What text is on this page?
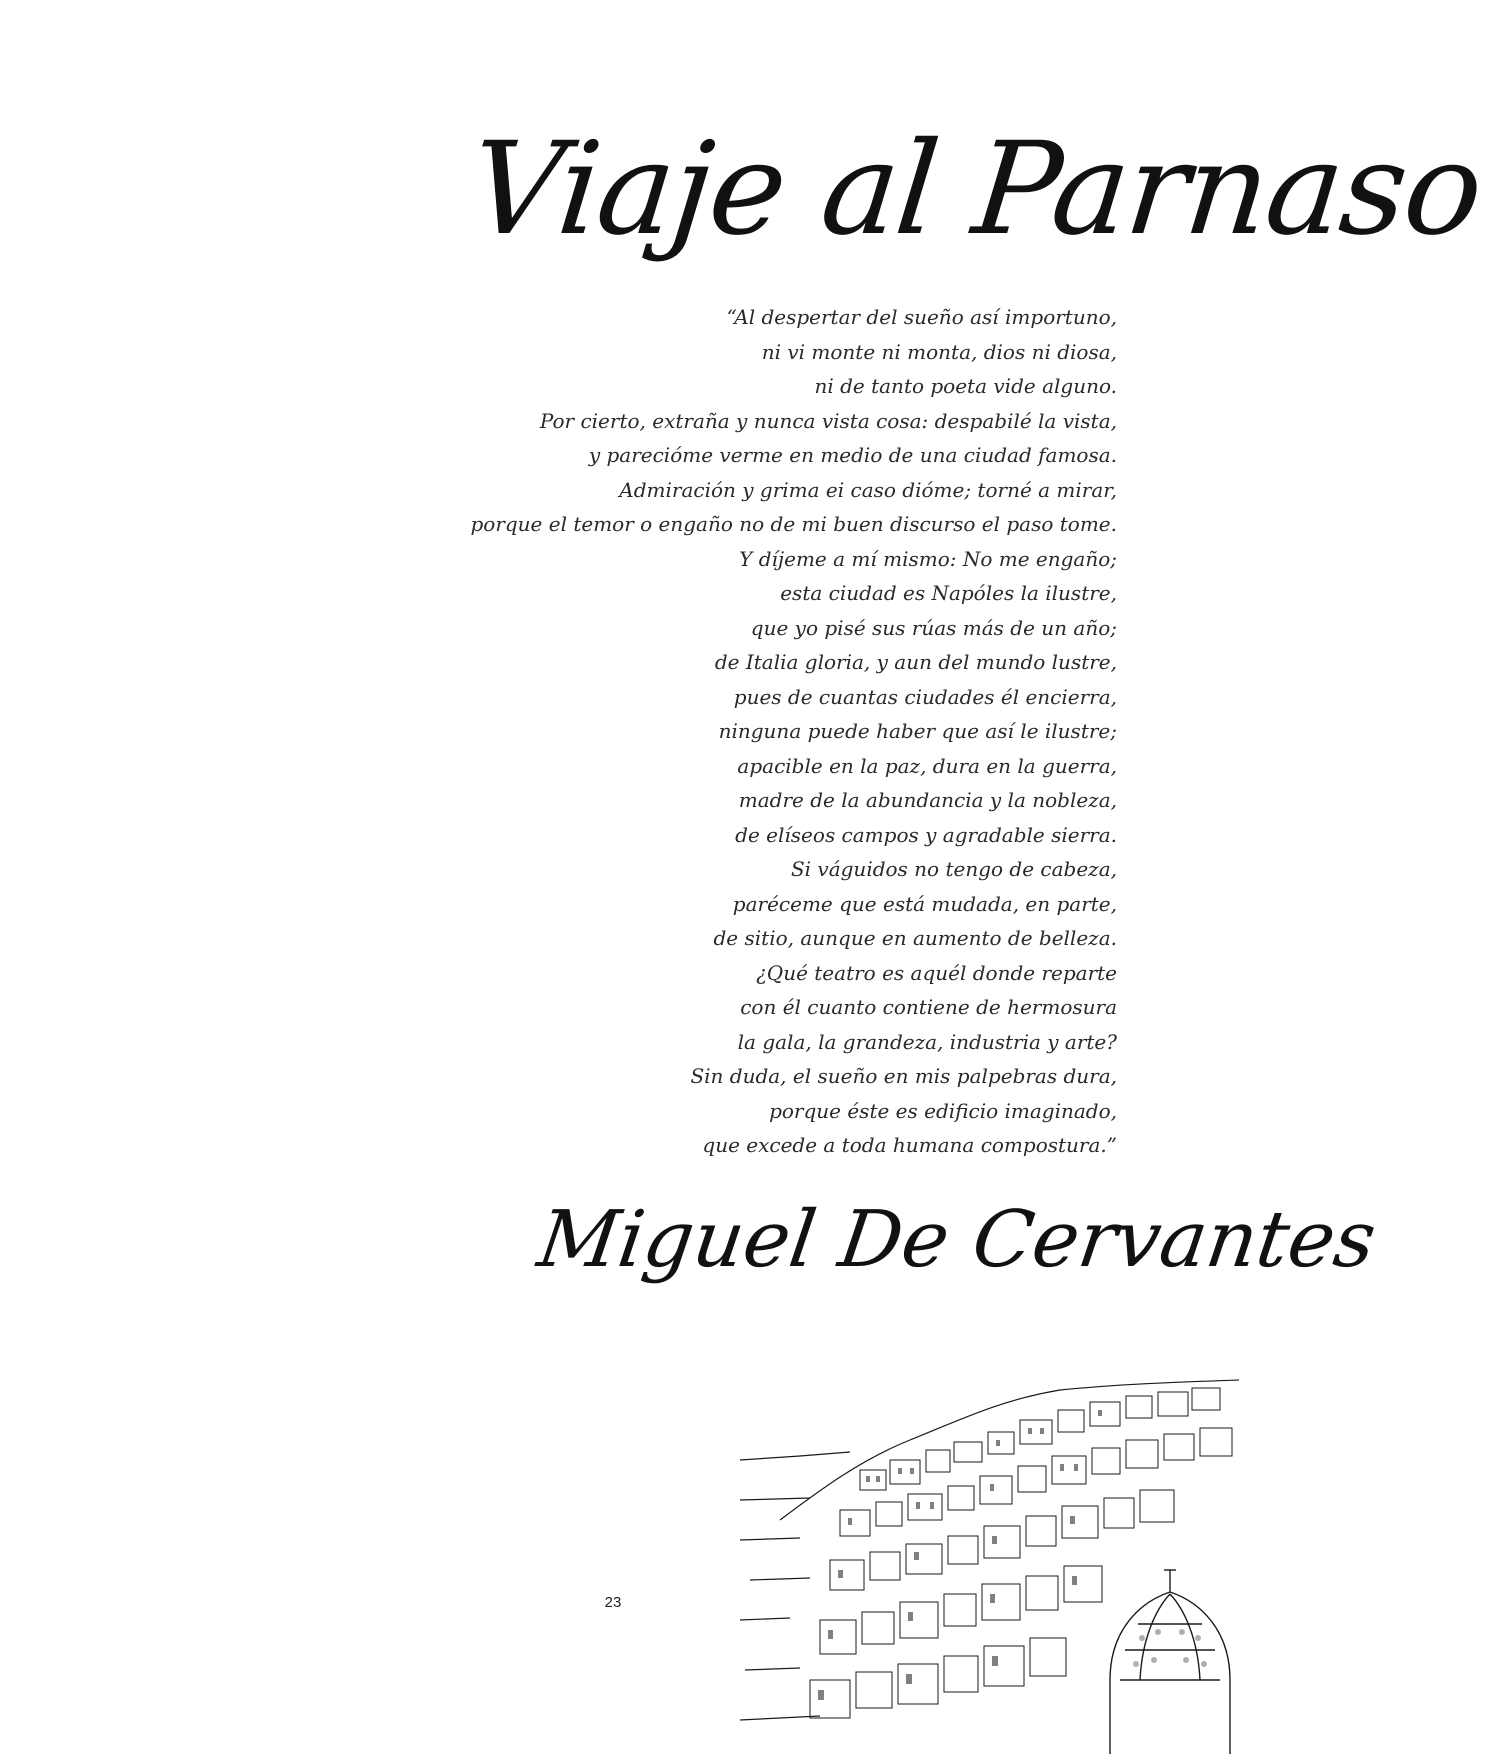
Viaje al Parnaso
“Al despertar del sueño así importuno,
ni vi monte ni monta, dios ni diosa,
ni de tanto poeta vide alguno.
Por cierto, extraña y nunca vista cosa: despabilé la vista,
y parecióme verme en medio de una ciudad famosa.
Admiración y grima ei caso dióme; torné a mirar,
porque el temor o engaño no de mi buen discurso el paso tome.
Y díjeme a mí mismo: No me engaño;
esta ciudad es Napóles la ilustre,
que yo pisé sus rúas más de un año;
de Italia gloria, y aun del mundo lustre,
pues de cuantas ciudades él encierra,
ninguna puede haber que así le ilustre;
apacible en la paz, dura en la guerra,
madre de la abundancia y la nobleza,
de elíseos campos y agradable sierra.
Si váguidos no tengo de cabeza,
paréceme que está mudada, en parte,
de sitio, aunque en aumento de belleza.
¿Qué teatro es aquél donde reparte
con él cuanto contiene de hermosura
la gala, la grandeza, industria y arte?
Sin duda, el sueño en mis palpebras dura,
porque éste es edificio imaginado,
que excede a toda humana compostura.”
Miguel De Cervantes
23
